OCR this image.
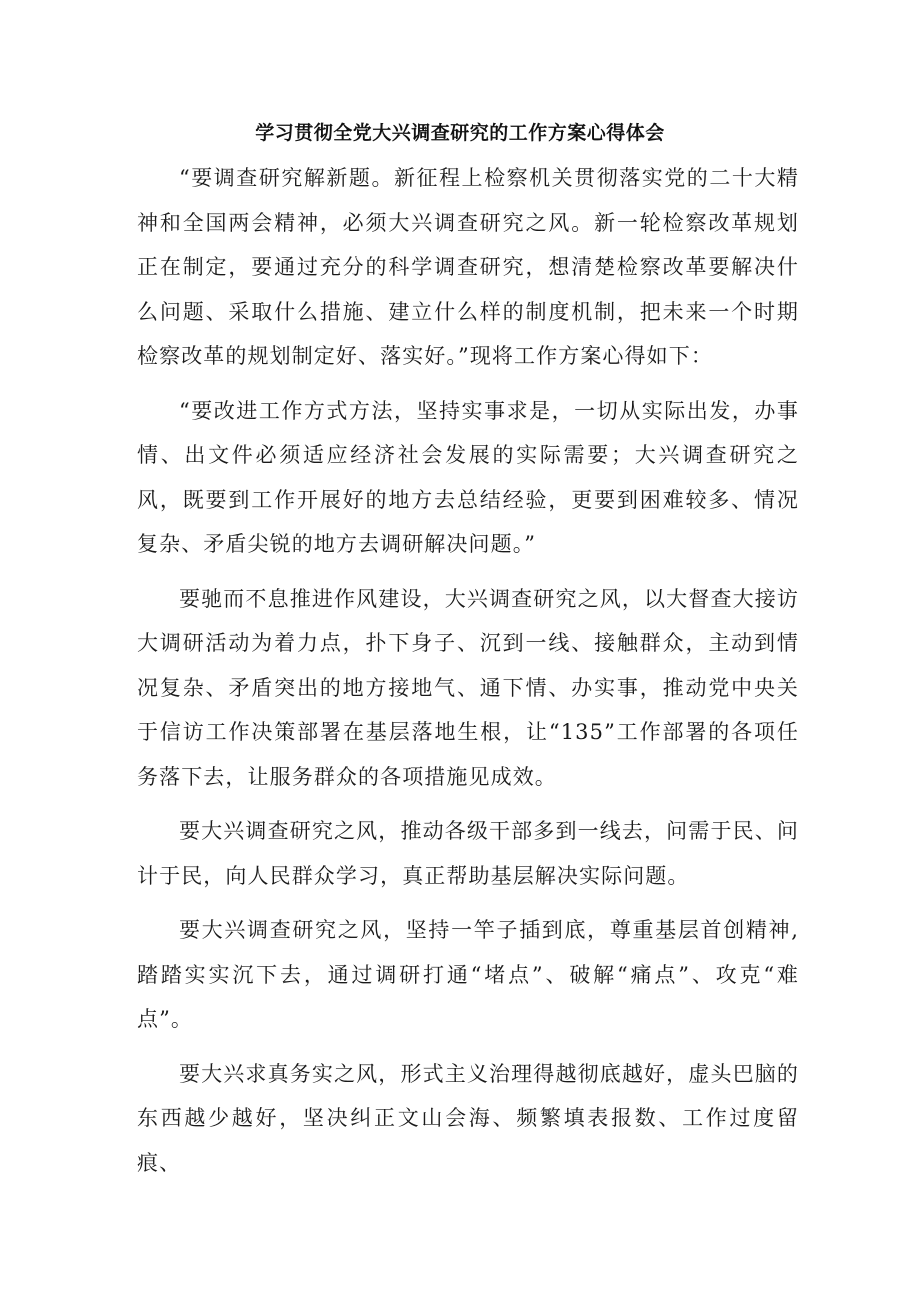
学习贯彻全党大兴调查研究的工作方案心得体会

“要调查研究解新题。新征程上检察机关贯彻落实党的二十大精神和全国两会精神，必须大兴调查研究之风。新一轮检察改革规划正在制定，要通过充分的科学调查研究，想清楚检察改革要解决什么问题、采取什么措施、建立什么样的制度机制，把未来一个时期检察改革的规划制定好、落实好。”现将工作方案心得如下：

“要改进工作方式方法，坚持实事求是，一切从实际出发，办事情、出文件必须适应经济社会发展的实际需要；大兴调查研究之风，既要到工作开展好的地方去总结经验，更要到困难较多、情况复杂、矛盾尖锐的地方去调研解决问题。”

要驰而不息推进作风建设，大兴调查研究之风，以大督查大接访大调研活动为着力点，扑下身子、沉到一线、接触群众，主动到情况复杂、矛盾突出的地方接地气、通下情、办实事，推动党中央关于信访工作决策部署在基层落地生根，让“135”工作部署的各项任务落下去，让服务群众的各项措施见成效。

要大兴调查研究之风，推动各级干部多到一线去，问需于民、问计于民，向人民群众学习，真正帮助基层解决实际问题。

要大兴调查研究之风，坚持一竿子插到底，尊重基层首创精神,踏踏实实沉下去，通过调研打通“堵点”、破解“痛点”、攻克“难点”。

要大兴求真务实之风，形式主义治理得越彻底越好，虚头巴脑的东西越少越好，坚决纠正文山会海、频繁填表报数、工作过度留痕、
